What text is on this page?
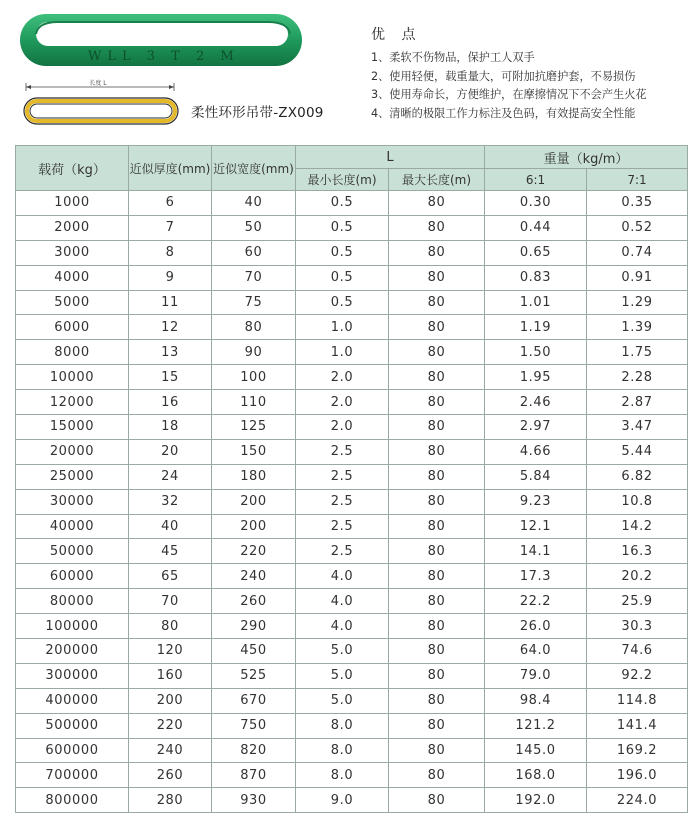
WLL 3 T 2 M
长度 L
柔性环形吊带-ZX009
优 点
1、柔软不伤物品，保护工人双手
2、使用轻便，载重量大，可附加抗磨护套，不易损伤
3、使用寿命长，方便维护，在摩擦情况下不会产生火花
4、清晰的极限工作力标注及色码，有效提高安全性能
载荷（kg）	近似厚度(mm)	近似宽度(mm)	L		重量（kg/m）	
			最小长度(m)	最大长度(m)	6:1	7:1
1000	6	40	0.5	80	0.30	0.35
2000	7	50	0.5	80	0.44	0.52
3000	8	60	0.5	80	0.65	0.74
4000	9	70	0.5	80	0.83	0.91
5000	11	75	0.5	80	1.01	1.29
6000	12	80	1.0	80	1.19	1.39
8000	13	90	1.0	80	1.50	1.75
10000	15	100	2.0	80	1.95	2.28
12000	16	110	2.0	80	2.46	2.87
15000	18	125	2.0	80	2.97	3.47
20000	20	150	2.5	80	4.66	5.44
25000	24	180	2.5	80	5.84	6.82
30000	32	200	2.5	80	9.23	10.8
40000	40	200	2.5	80	12.1	14.2
50000	45	220	2.5	80	14.1	16.3
60000	65	240	4.0	80	17.3	20.2
80000	70	260	4.0	80	22.2	25.9
100000	80	290	4.0	80	26.0	30.3
200000	120	450	5.0	80	64.0	74.6
300000	160	525	5.0	80	79.0	92.2
400000	200	670	5.0	80	98.4	114.8
500000	220	750	8.0	80	121.2	141.4
600000	240	820	8.0	80	145.0	169.2
700000	260	870	8.0	80	168.0	196.0
800000	280	930	9.0	80	192.0	224.0
